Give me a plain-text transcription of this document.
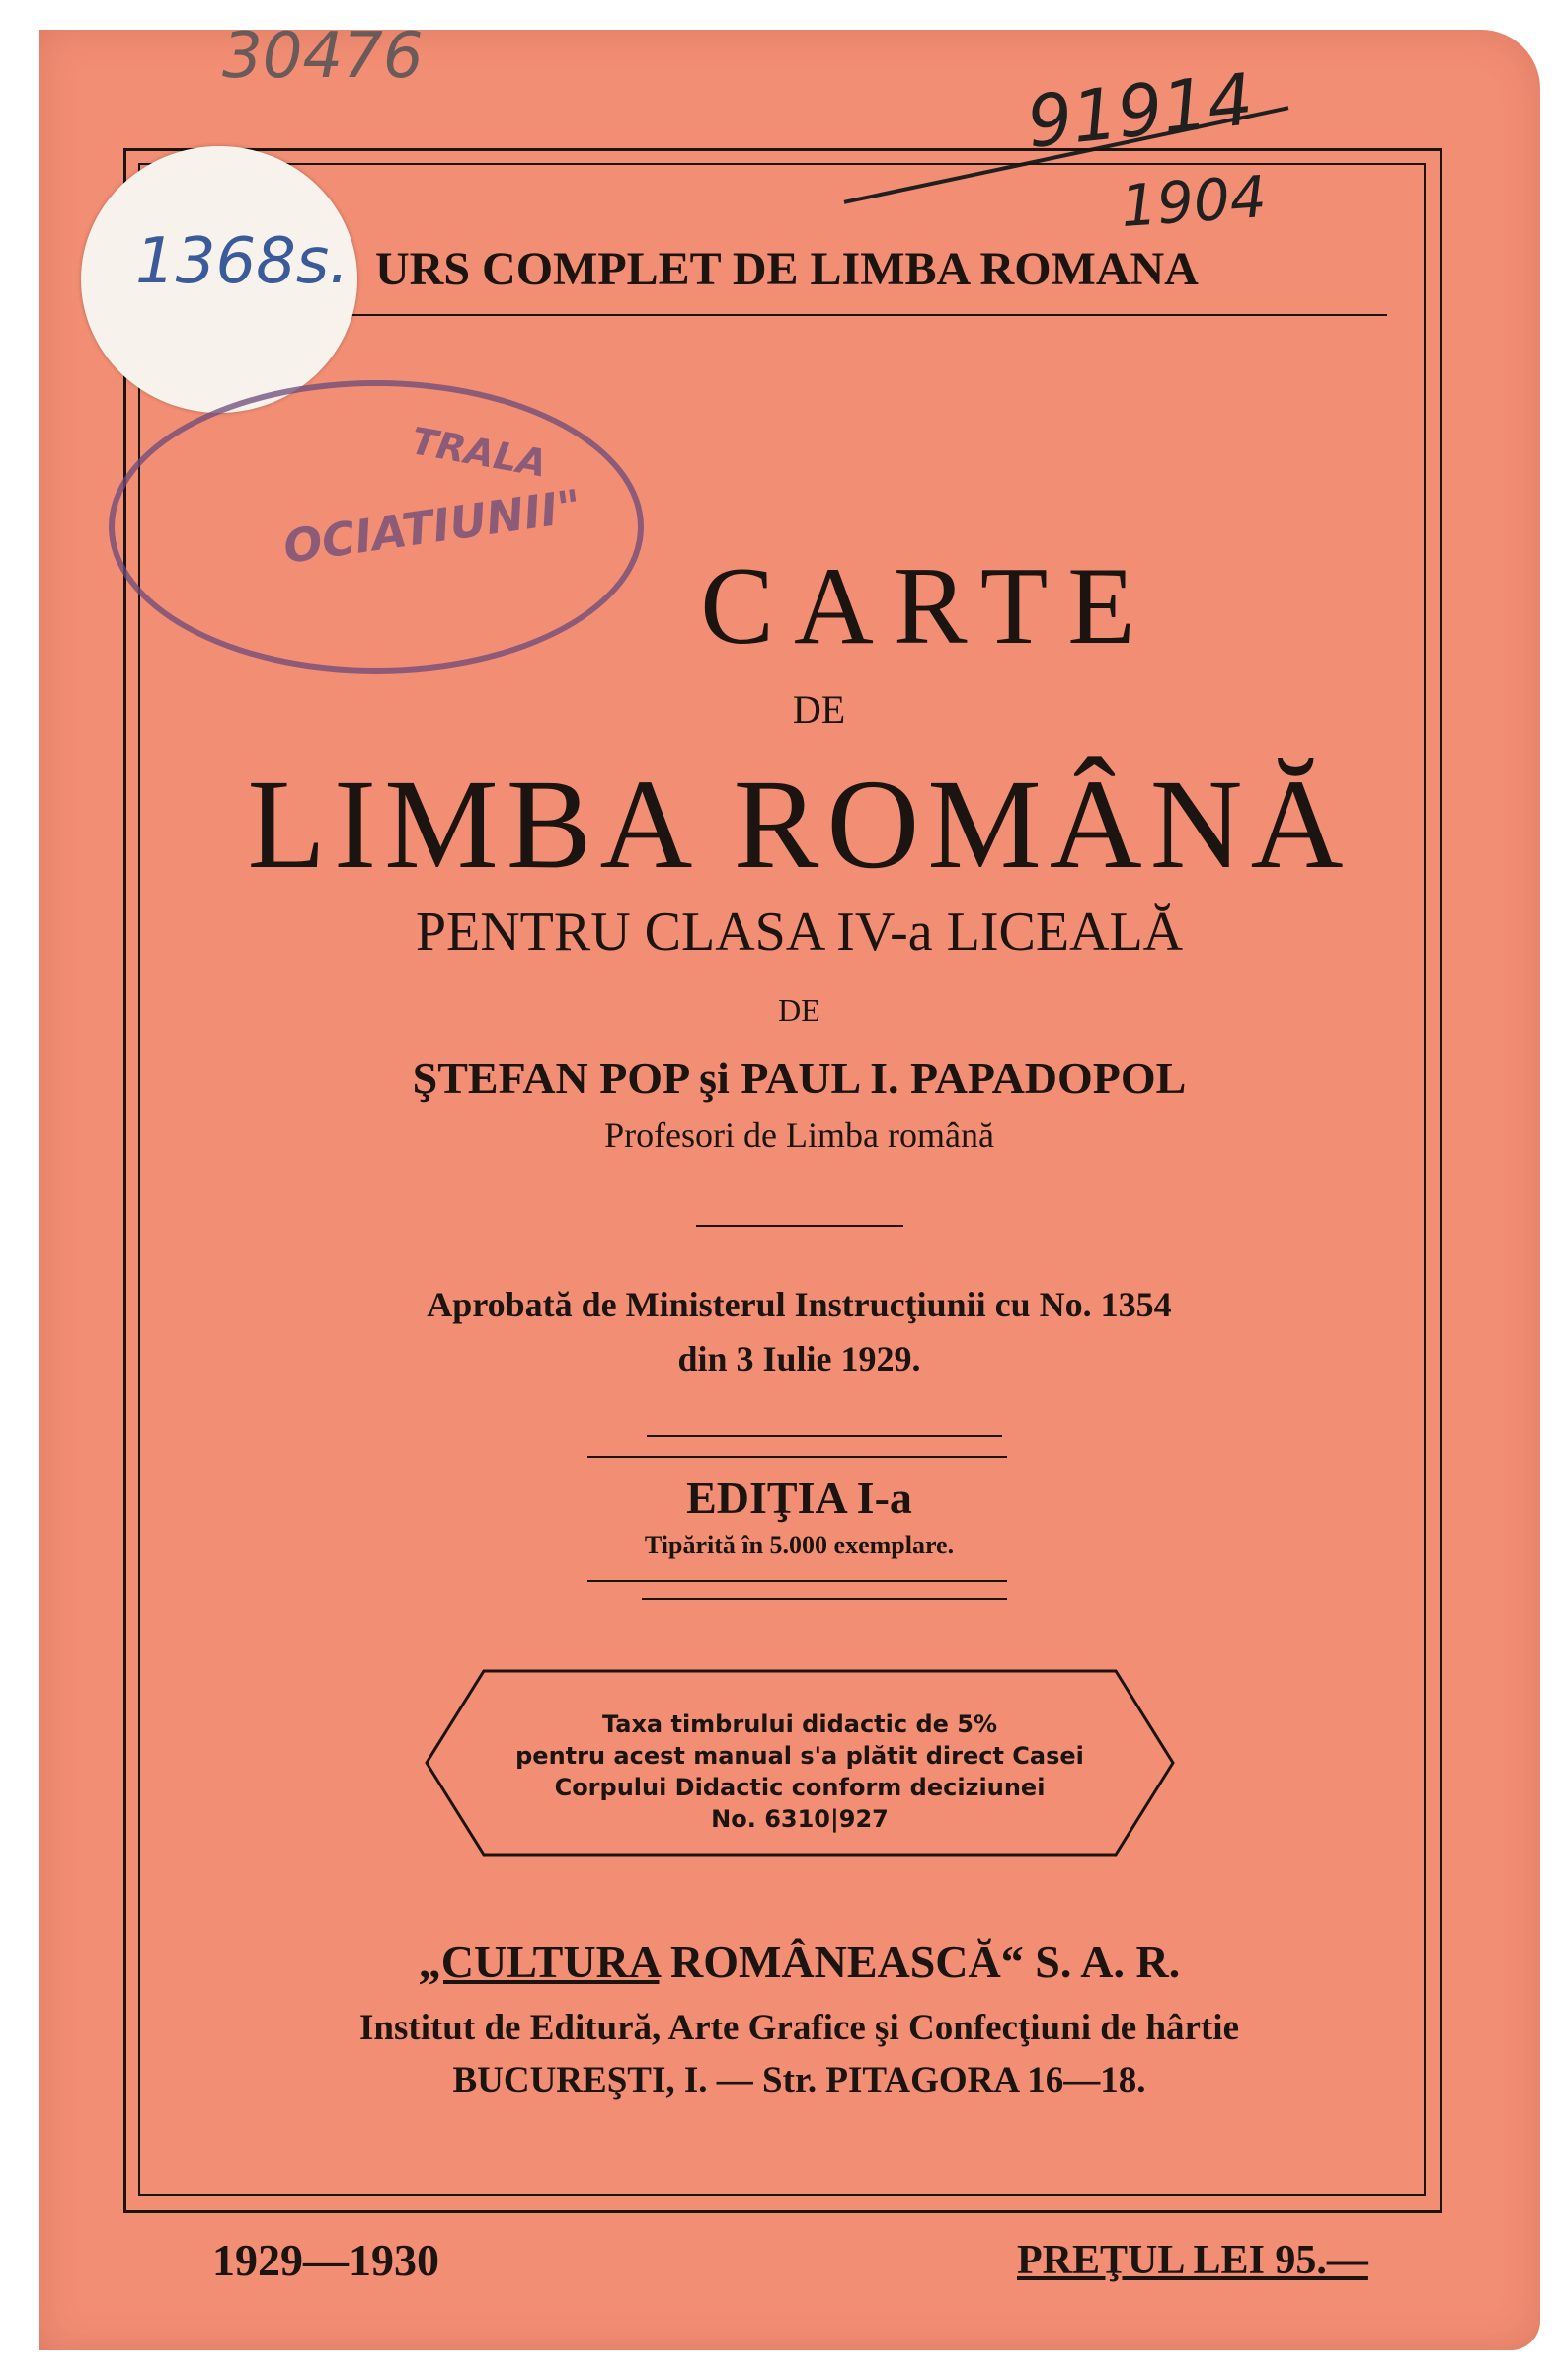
30476
91914
1904
URS COMPLET DE LIMBA ROMANA
1368s.
TRALA
OCIATIUNII"
CARTE
DE
LIMBA ROMÂNĂ
PENTRU CLASA IV-a LICEALĂ
DE
ŞTEFAN POP şi PAUL I. PAPADOPOL
Profesori de Limba română
Aprobată de Ministerul Instrucţiunii cu No. 1354
din 3 Iulie 1929.
EDIŢIA I-a
Tipărită în 5.000 exemplare.
Taxa timbrului didactic de 5%
pentru acest manual s'a plătit direct Casei
Corpului Didactic conform deciziunei
No. 6310|927
„CULTURA ROMÂNEASCĂ“ S. A. R.
Institut de Editură, Arte Grafice şi Confecţiuni de hârtie
BUCUREŞTI, I. — Str. PITAGORA 16—18.
1929—1930	PREŢUL LEI 95.—
